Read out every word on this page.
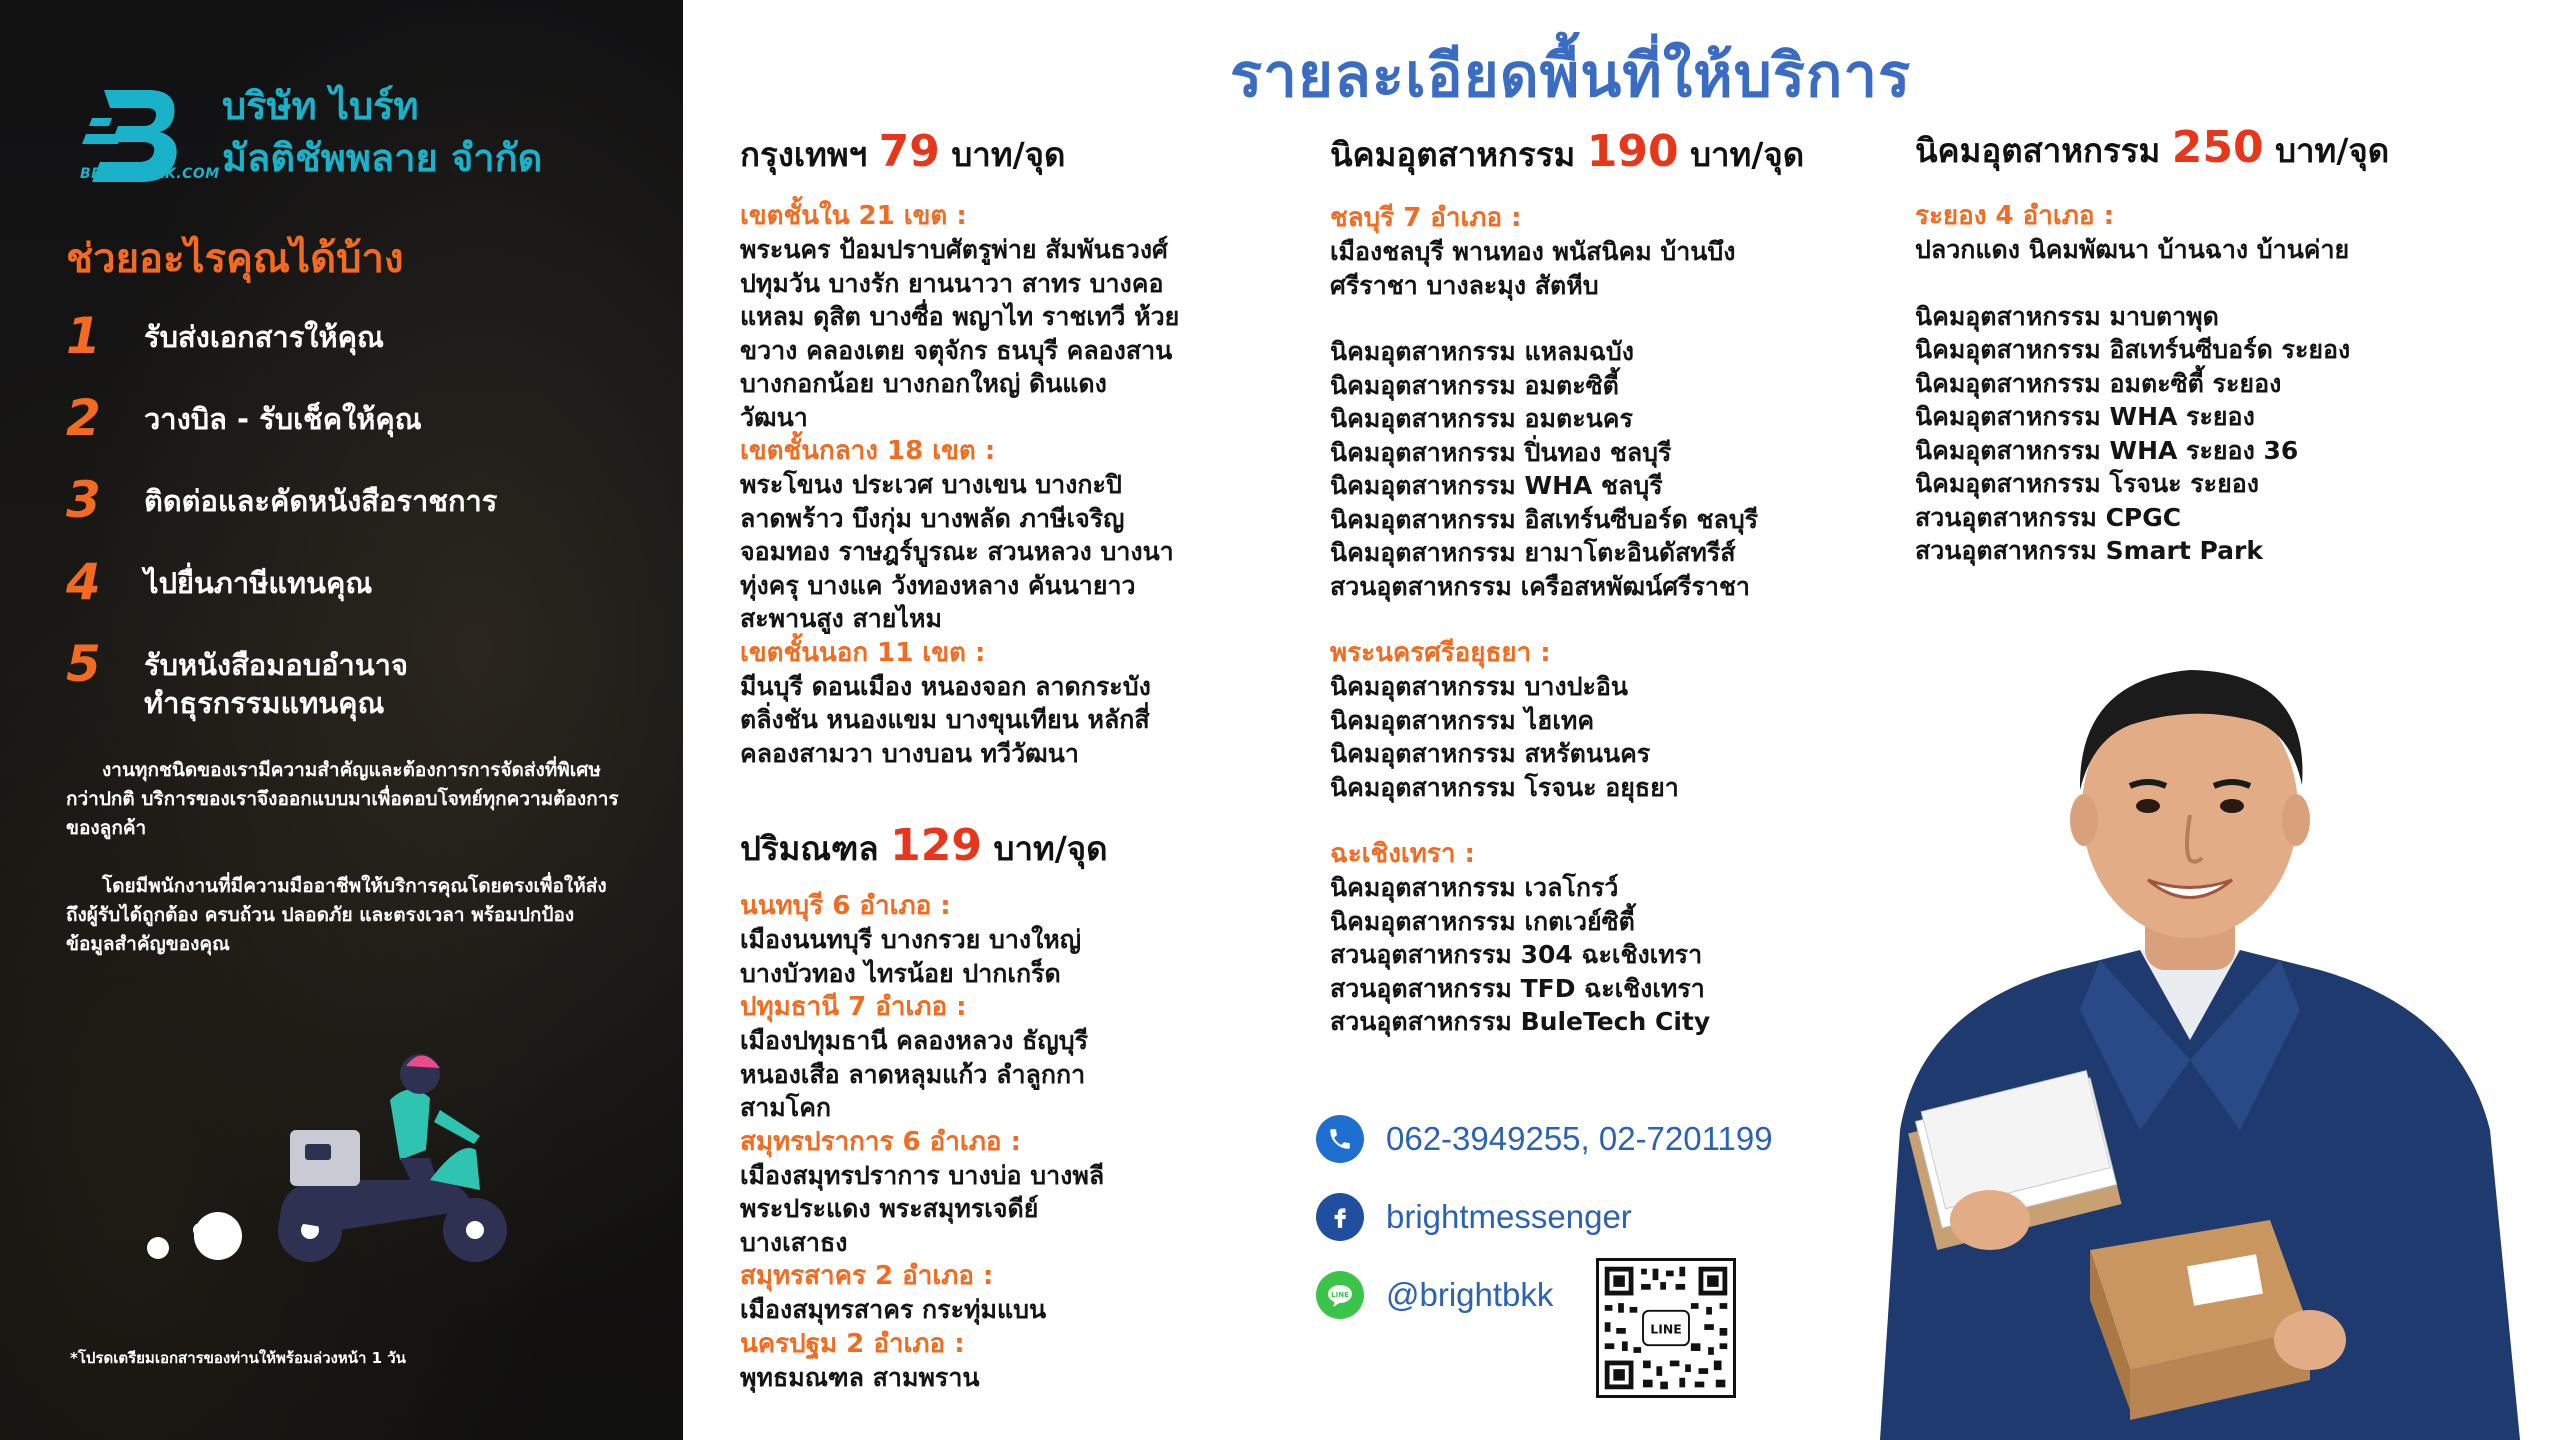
BRIGHTBKK.COM
บริษัท ไบร์ท
มัลติชัพพลาย จำกัด
ช่วยอะไรคุณได้บ้าง
1	รับส่งเอกสารให้คุณ
2	วางบิล - รับเช็คให้คุณ
3	ติดต่อและคัดหนังสือราชการ
4	ไปยื่นภาษีแทนคุณ
5	รับหนังสือมอบอำนาจ ทำธุรกรรมแทนคุณ

งานทุกชนิดของเรามีความสำคัญและต้องการการจัดส่งที่พิเศษกว่าปกติ บริการของเราจึงออกแบบมาเพื่อตอบโจทย์ทุกความต้องการของลูกค้า

โดยมีพนักงานที่มีความมืออาชีพให้บริการคุณโดยตรงเพื่อให้ส่งถึงผู้รับได้ถูกต้อง ครบถ้วน ปลอดภัย และตรงเวลา พร้อมปกป้องข้อมูลสำคัญของคุณ

*โปรดเตรียมเอกสารของท่านให้พร้อมล่วงหน้า 1 วัน
รายละเอียดพื้นที่ให้บริการ
กรุงเทพฯ 79 บาท/จุด
เขตชั้นใน 21 เขต :
พระนคร ป้อมปราบศัตรูพ่าย สัมพันธวงศ์
ปทุมวัน บางรัก ยานนาวา สาทร บางคอ
แหลม ดุสิต บางซื่อ พญาไท ราชเทวี ห้วย
ขวาง คลองเตย จตุจักร ธนบุรี คลองสาน
บางกอกน้อย บางกอกใหญ่ ดินแดง
วัฒนา
เขตชั้นกลาง 18 เขต :
พระโขนง ประเวศ บางเขน บางกะปิ
ลาดพร้าว บึงกุ่ม บางพลัด ภาษีเจริญ
จอมทอง ราษฎร์บูรณะ สวนหลวง บางนา
ทุ่งครุ บางแค วังทองหลาง คันนายาว
สะพานสูง สายไหม
เขตชั้นนอก 11 เขต :
มีนบุรี ดอนเมือง หนองจอก ลาดกระบัง
ตลิ่งชัน หนองแขม บางขุนเทียน หลักสี่
คลองสามวา บางบอน ทวีวัฒนา
ปริมณฑล 129 บาท/จุด
นนทบุรี 6 อำเภอ :
เมืองนนทบุรี บางกรวย บางใหญ่
บางบัวทอง ไทรน้อย ปากเกร็ด
ปทุมธานี 7 อำเภอ :
เมืองปทุมธานี คลองหลวง ธัญบุรี
หนองเสือ ลาดหลุมแก้ว ลำลูกกา
สามโคก
สมุทรปราการ 6 อำเภอ :
เมืองสมุทรปราการ บางบ่อ บางพลี
พระประแดง พระสมุทรเจดีย์
บางเสาธง
สมุทรสาคร 2 อำเภอ :
เมืองสมุทรสาคร กระทุ่มแบน
นครปฐม 2 อำเภอ :
พุทธมณฑล สามพราน
นิคมอุตสาหกรรม 190 บาท/จุด
ชลบุรี 7 อำเภอ :
เมืองชลบุรี พานทอง พนัสนิคม บ้านบึง
ศรีราชา บางละมุง สัตหีบ
นิคมอุตสาหกรรม แหลมฉบัง
นิคมอุตสาหกรรม อมตะซิตี้
นิคมอุตสาหกรรม อมตะนคร
นิคมอุตสาหกรรม ปิ่นทอง ชลบุรี
นิคมอุตสาหกรรม WHA ชลบุรี
นิคมอุตสาหกรรม อิสเทร์นซีบอร์ด ชลบุรี
นิคมอุตสาหกรรม ยามาโตะอินดัสทรีส์
สวนอุตสาหกรรม เครือสหพัฒน์ศรีราชา
พระนครศรีอยุธยา :
นิคมอุตสาหกรรม บางปะอิน
นิคมอุตสาหกรรม ไฮเทค
นิคมอุตสาหกรรม สหรัตนนคร
นิคมอุตสาหกรรม โรจนะ อยุธยา
ฉะเชิงเทรา :
นิคมอุตสาหกรรม เวลโกรว์
นิคมอุตสาหกรรม เกตเวย์ซิตี้
สวนอุตสาหกรรม 304 ฉะเชิงเทรา
สวนอุตสาหกรรม TFD ฉะเชิงเทรา
สวนอุตสาหกรรม BuleTech City
นิคมอุตสาหกรรม 250 บาท/จุด
ระยอง 4 อำเภอ :
ปลวกแดง นิคมพัฒนา บ้านฉาง บ้านค่าย
นิคมอุตสาหกรรม มาบตาพุด
นิคมอุตสาหกรรม อิสเทร์นซีบอร์ด ระยอง
นิคมอุตสาหกรรม อมตะซิตี้ ระยอง
นิคมอุตสาหกรรม WHA ระยอง
นิคมอุตสาหกรรม WHA ระยอง 36
นิคมอุตสาหกรรม โรจนะ ระยอง
สวนอุตสาหกรรม CPGC
สวนอุตสาหกรรม Smart Park
062-3949255, 02-7201199
brightmessenger
LINE @brightbkk
LINE
